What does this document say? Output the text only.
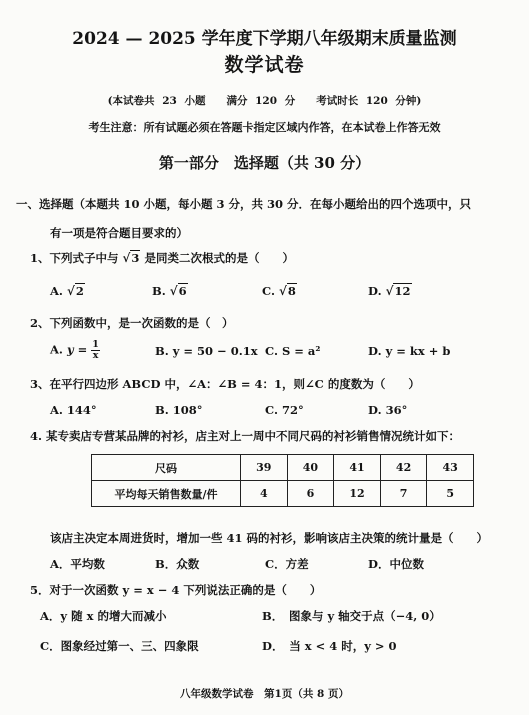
2024 — 2025 学年度下学期八年级期末质量监测
数学试卷
(本试卷共 23 小题　　满分 120 分　　考试时长 120 分钟)
考生注意：所有试题必须在答题卡指定区域内作答，在本试卷上作答无效
第一部分　选择题（共 30 分）
一、选择题（本题共 10 小题，每小题 3 分，共 30 分．在每小题给出的四个选项中，只
有一项是符合题目要求的）
1、下列式子中与 √3 是同类二次根式的是（　　）
A. √2	B. √6	C. √8	D. √12
2、下列函数中，是一次函数的是（　）
A. $y = \frac{1}{x}$	B. y = 50 − 0.1x C. S = a²	D. y = kx + b
3、在平行四边形 ABCD 中，∠A：∠B = 4：1，则∠C 的度数为（　　）
A. 144°	B. 108°	C. 72°	D. 36°
4. 某专卖店专营某品牌的衬衫，店主对上一周中不同尺码的衬衫销售情况统计如下：
尺码	39	40	41	42	43
平均每天销售数量/件	4	6	12	7	5
该店主决定本周进货时，增加一些 41 码的衬衫，影响该店主决策的统计量是（　　）
A．平均数	B．众数	C．方差	D．中位数
5．对于一次函数 y = x − 4 下列说法正确的是（　　）
A．y 随 x 的增大而减小	B．　图象与 y 轴交于点（−4, 0）
C．图象经过第一、三、四象限	D．　当 x < 4 时，y > 0
八年级数学试卷　第1页（共 8 页）
